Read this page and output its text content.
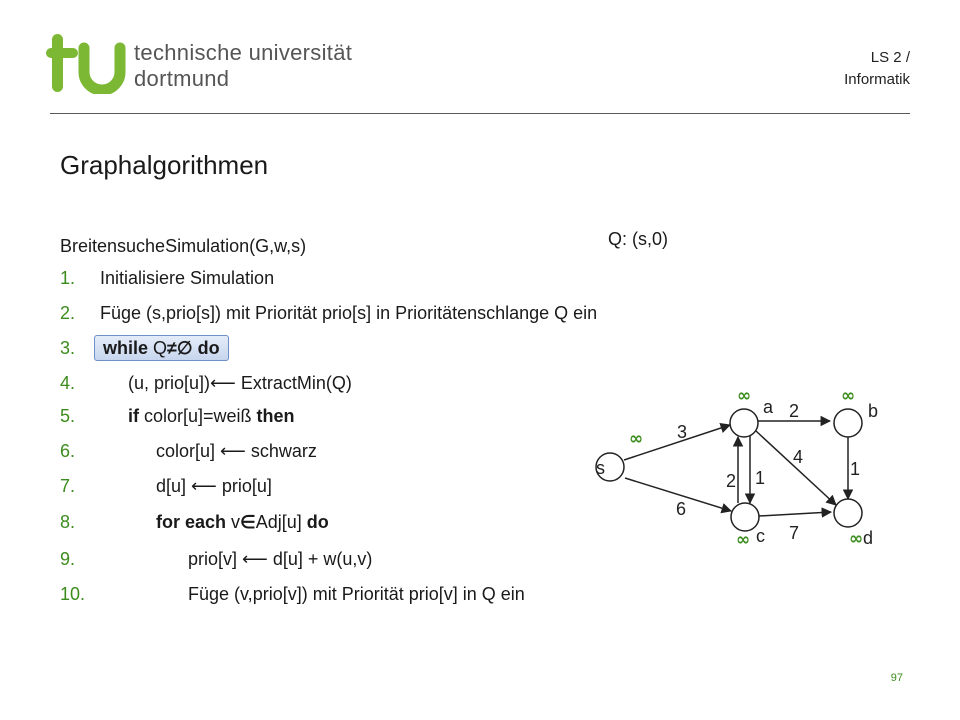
technische universität
dortmund
LS 2 /
Informatik
Graphalgorithmen
Q: (s,0)
BreitensucheSimulation(G,w,s)
1. Initialisiere Simulation
2. Füge (s,prio[s]) mit Priorität prio[s] in Prioritätenschlange Q ein
3.	while Q≠∅ do
4.	(u, prio[u])⟵ ExtractMin(Q)
5.	if color[u]=weiß then
6.	color[u] ⟵ schwarz
7.	d[u] ⟵ prio[u]
8.	for each v∈Adj[u] do
9.	prio[v] ⟵ d[u] + w(u,v)
10.	Füge (v,prio[v]) mit Priorität prio[v] in Q ein
3
6
2
1
2
4
1
7
s
a	b
c	d
∞
∞	∞
∞	∞
97
